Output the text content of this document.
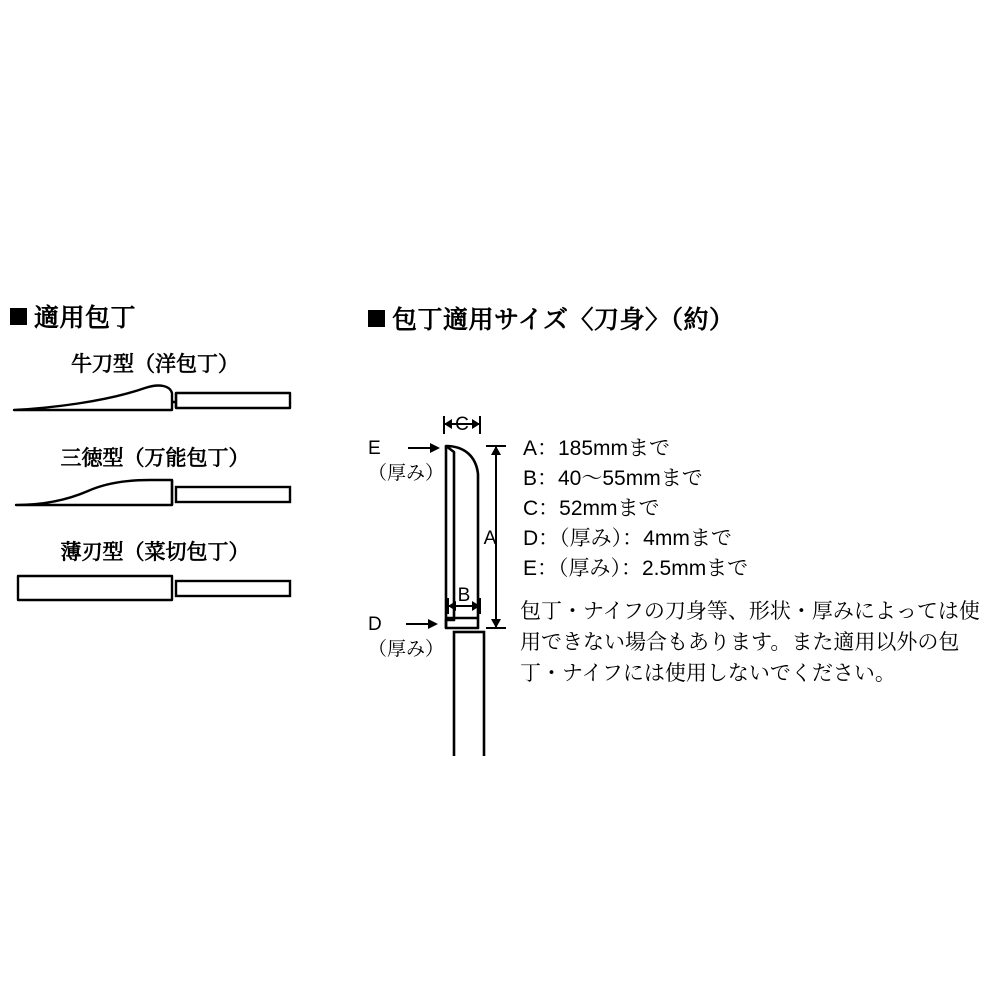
適用包丁
牛刀型（洋包丁）
三徳型（万能包丁）
薄刃型（菜切包丁）
包丁適用サイズ〈刀身〉（約）
C
A
B
E
（厚み）
D
（厚み）
A：185mmまで
B：40〜55mmまで
C：52mmまで
D：（厚み）：4mmまで
E：（厚み）：2.5mmまで
包丁・ナイフの刀身等、形状・厚みによっては使用できない場合もあります。また適用以外の包丁・ナイフには使用しないでください。
